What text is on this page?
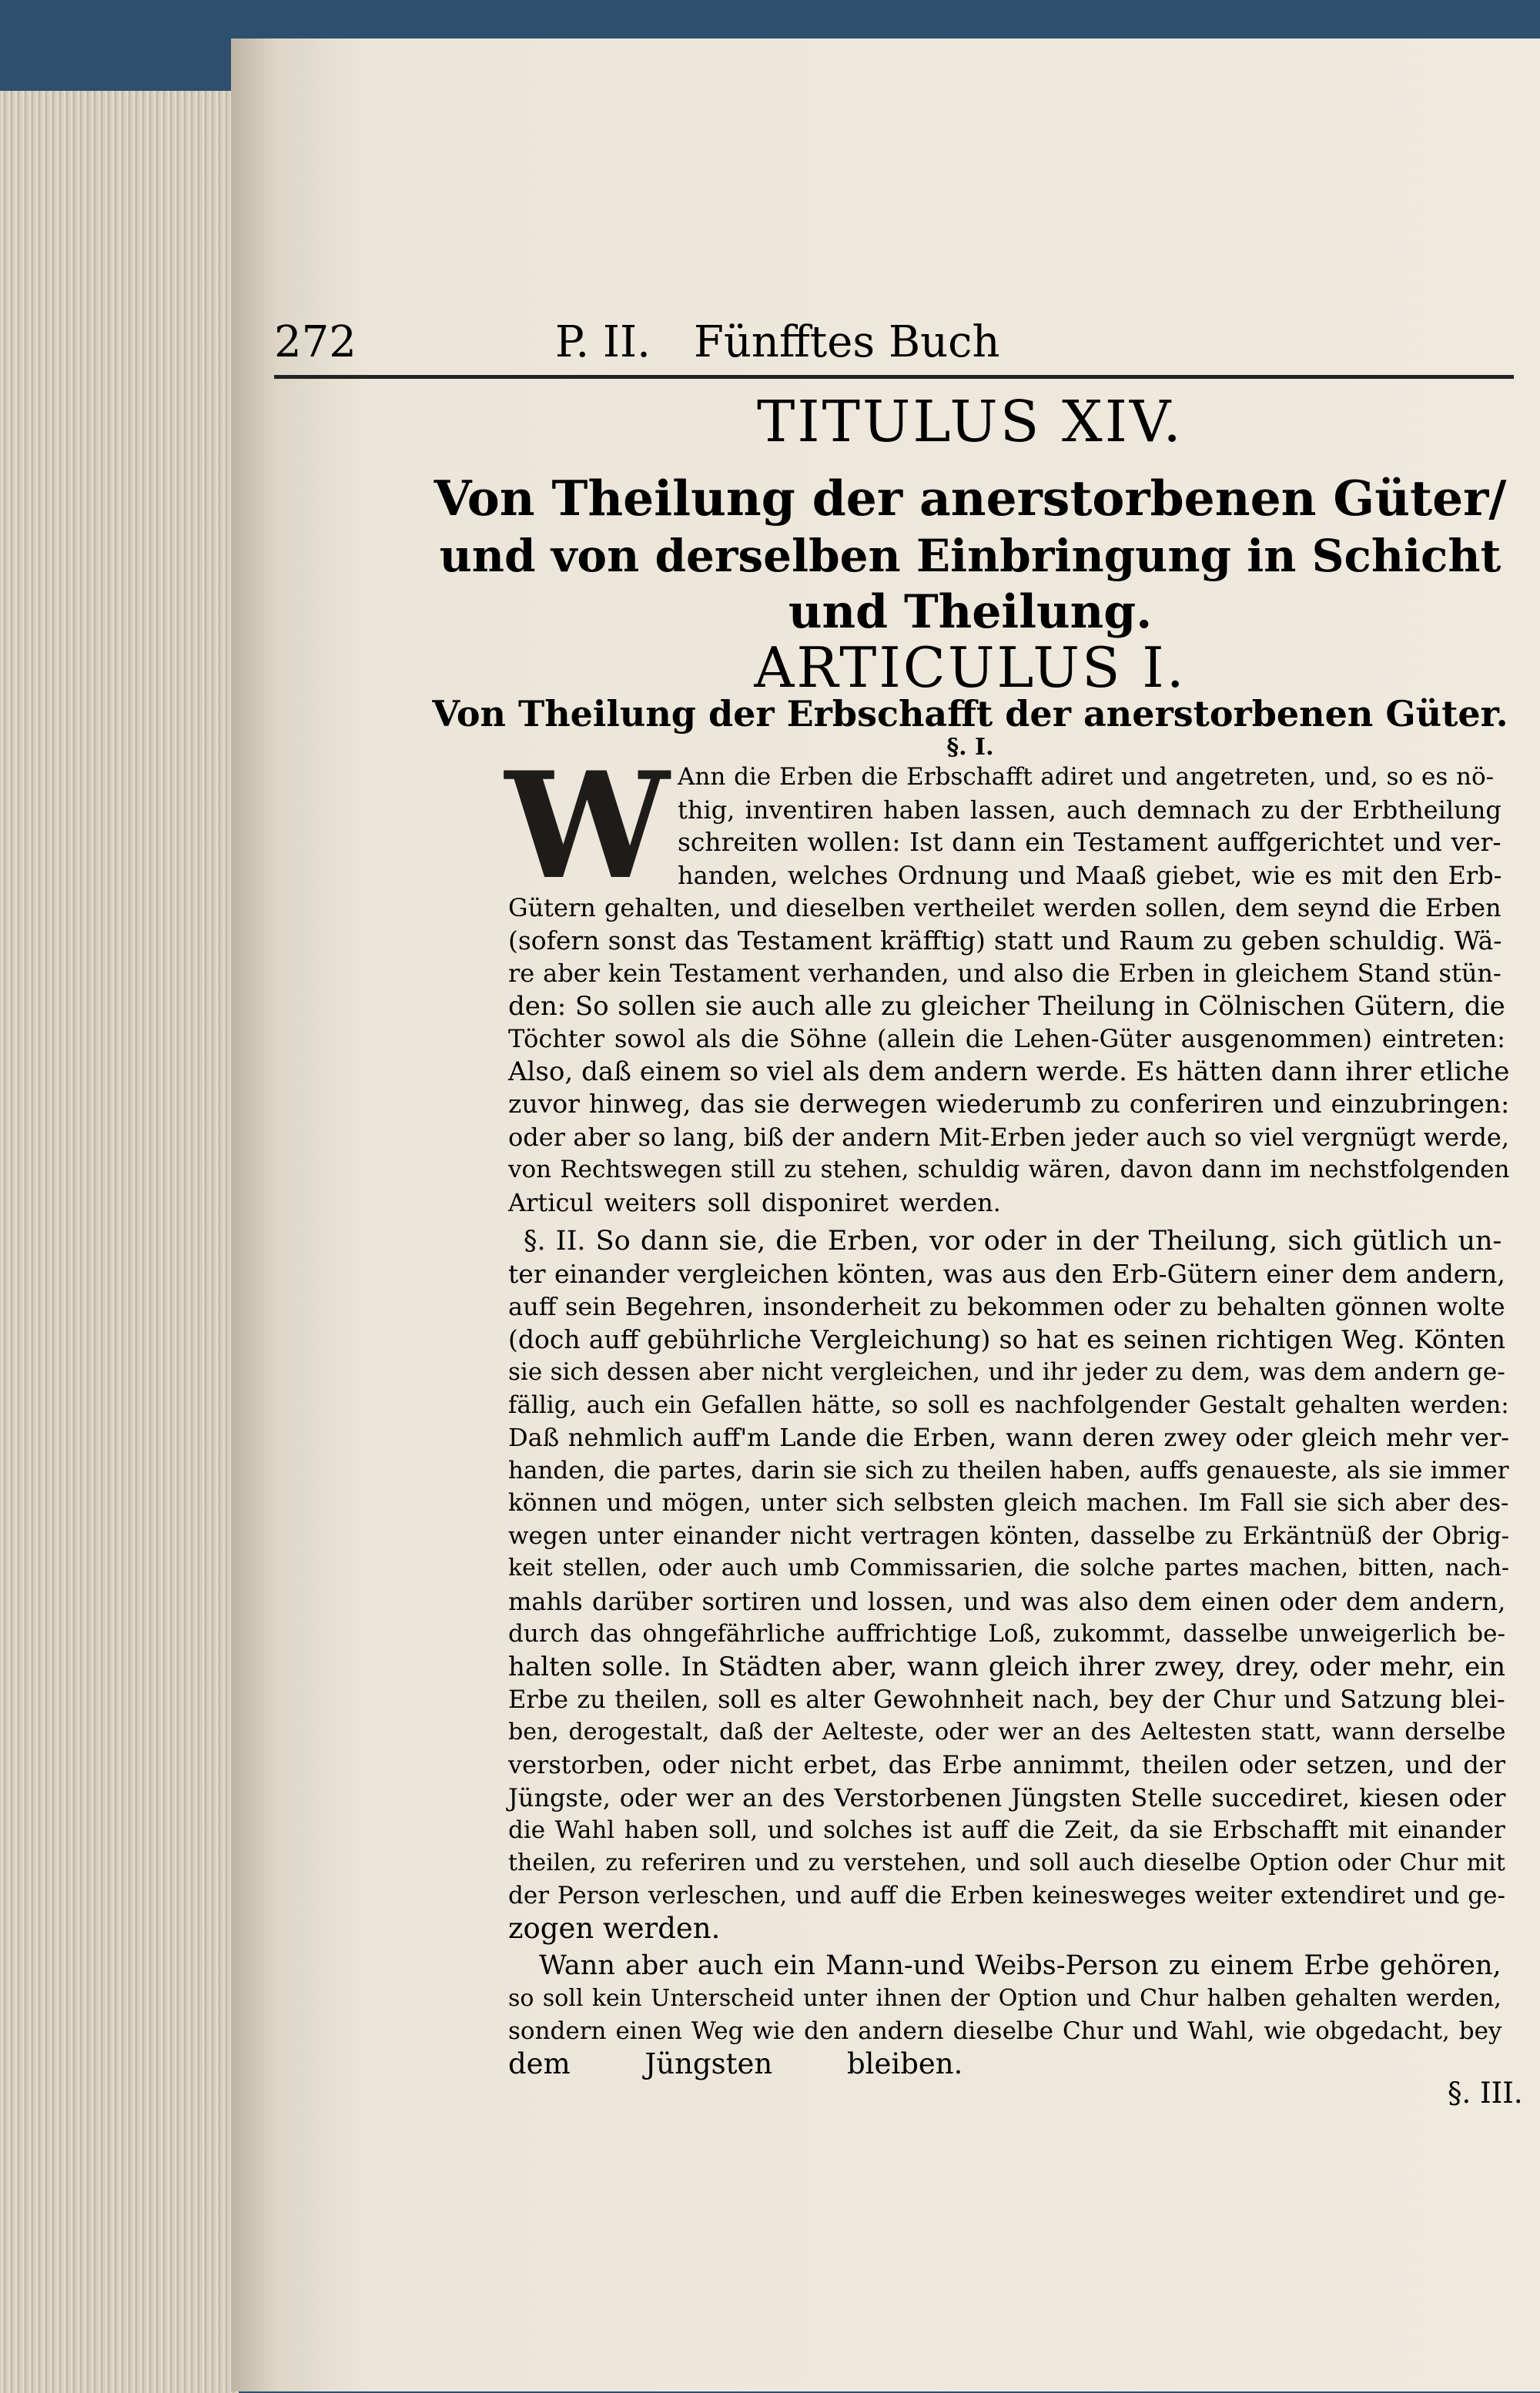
272	P. II. Fünfftes Buch
TITULUS XIV.
Von Theilung der anerstorbenen Güter/
und von derselben Einbringung in Schicht
und Theilung.
ARTICULUS I.
Von Theilung der Erbschafft der anerstorbenen Güter.
§. I.
W Ann die Erben die Erbschafft adiret und angetreten, und, so es nö-
thig, inventiren haben lassen, auch demnach zu der Erbtheilung
schreiten wollen: Ist dann ein Testament auffgerichtet und ver-
handen, welches Ordnung und Maaß giebet, wie es mit den Erb-
Gütern gehalten, und dieselben vertheilet werden sollen, dem seynd die Erben
(sofern sonst das Testament kräfftig) statt und Raum zu geben schuldig. Wä-
re aber kein Testament verhanden, und also die Erben in gleichem Stand stün-
den: So sollen sie auch alle zu gleicher Theilung in Cölnischen Gütern, die
Töchter sowol als die Söhne (allein die Lehen-Güter ausgenommen) eintreten:
Also, daß einem so viel als dem andern werde. Es hätten dann ihrer etliche
zuvor hinweg, das sie derwegen wiederumb zu conferiren und einzubringen:
oder aber so lang, biß der andern Mit-Erben jeder auch so viel vergnügt werde,
von Rechtswegen still zu stehen, schuldig wären, davon dann im nechstfolgenden
Articul weiters soll disponiret werden.
§. II. So dann sie, die Erben, vor oder in der Theilung, sich gütlich un-
ter einander vergleichen könten, was aus den Erb-Gütern einer dem andern,
auff sein Begehren, insonderheit zu bekommen oder zu behalten gönnen wolte
(doch auff gebührliche Vergleichung) so hat es seinen richtigen Weg. Könten
sie sich dessen aber nicht vergleichen, und ihr jeder zu dem, was dem andern ge-
fällig, auch ein Gefallen hätte, so soll es nachfolgender Gestalt gehalten werden:
Daß nehmlich auff'm Lande die Erben, wann deren zwey oder gleich mehr ver-
handen, die partes, darin sie sich zu theilen haben, auffs genaueste, als sie immer
können und mögen, unter sich selbsten gleich machen. Im Fall sie sich aber des-
wegen unter einander nicht vertragen könten, dasselbe zu Erkäntnüß der Obrig-
keit stellen, oder auch umb Commissarien, die solche partes machen, bitten, nach-
mahls darüber sortiren und lossen, und was also dem einen oder dem andern,
durch das ohngefährliche auffrichtige Loß, zukommt, dasselbe unweigerlich be-
halten solle. In Städten aber, wann gleich ihrer zwey, drey, oder mehr, ein
Erbe zu theilen, soll es alter Gewohnheit nach, bey der Chur und Satzung blei-
ben, derogestalt, daß der Aelteste, oder wer an des Aeltesten statt, wann derselbe
verstorben, oder nicht erbet, das Erbe annimmt, theilen oder setzen, und der
Jüngste, oder wer an des Verstorbenen Jüngsten Stelle succediret, kiesen oder
die Wahl haben soll, und solches ist auff die Zeit, da sie Erbschafft mit einander
theilen, zu referiren und zu verstehen, und soll auch dieselbe Option oder Chur mit
der Person verleschen, und auff die Erben keinesweges weiter extendiret und ge-
zogen werden.
Wann aber auch ein Mann-und Weibs-Person zu einem Erbe gehören,
so soll kein Unterscheid unter ihnen der Option und Chur halben gehalten werden,
sondern einen Weg wie den andern dieselbe Chur und Wahl, wie obgedacht, bey
dem Jüngsten bleiben.
§. III.
